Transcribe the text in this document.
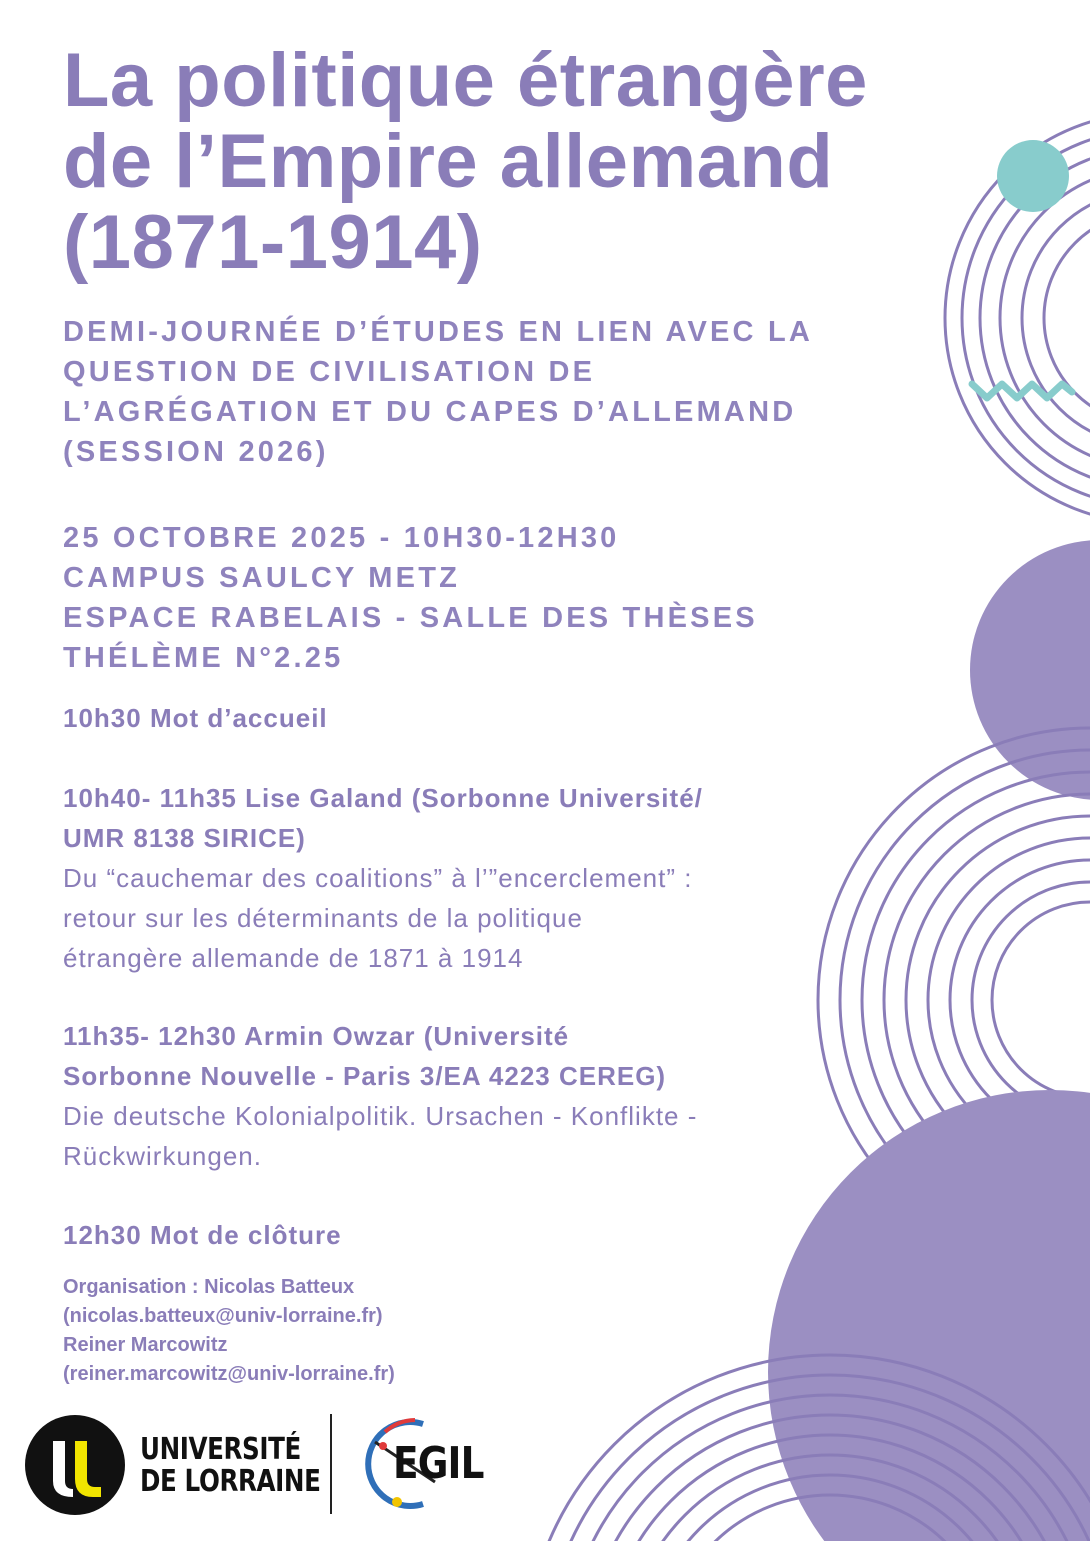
La politique étrangère
de l’Empire allemand
(1871-1914)
DEMI-JOURNÉE D’ÉTUDES EN LIEN AVEC LA
QUESTION DE CIVILISATION DE
L’AGRÉGATION ET DU CAPES D’ALLEMAND
(SESSION 2026)
25 OCTOBRE 2025 - 10H30-12H30
CAMPUS SAULCY METZ
ESPACE RABELAIS - SALLE DES THÈSES
THÉLÈME N°2.25
10h30 Mot d’accueil
10h40- 11h35 Lise Galand (Sorbonne Université/
UMR 8138 SIRICE)
Du “cauchemar des coalitions” à l’”encerclement” :
retour sur les déterminants de la politique
étrangère allemande de 1871 à 1914
11h35- 12h30 Armin Owzar (Université
Sorbonne Nouvelle - Paris 3/EA 4223 CEREG)
Die deutsche Kolonialpolitik. Ursachen - Konflikte -
Rückwirkungen.
12h30 Mot de clôture
Organisation : Nicolas Batteux
(nicolas.batteux@univ-lorraine.fr)
Reiner Marcowitz
(reiner.marcowitz@univ-lorraine.fr)
UNIVERSITÉ
DE LORRAINE EGIL
